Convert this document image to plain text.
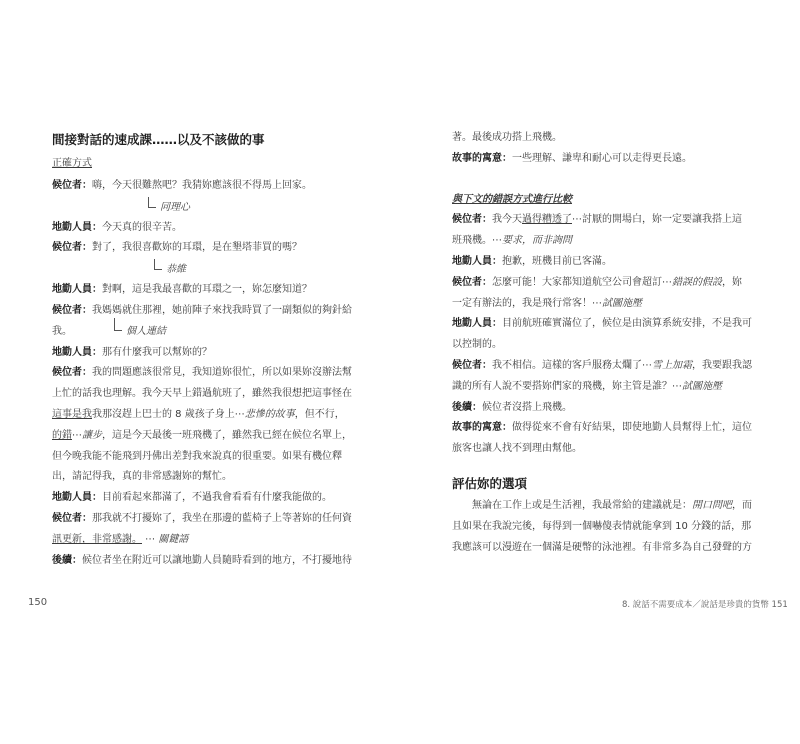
間接對話的速成課……以及不該做的事
正確方式
候位者：嗨，今天很難熬吧？我猜妳應該很不得馬上回家。
同理心
地勤人員：今天真的很辛苦。
候位者：對了，我很喜歡妳的耳環，是在墾塔菲買的嗎？
恭維
地勤人員：對啊，這是我最喜歡的耳環之一，妳怎麼知道？
候位者：我媽媽就住那裡，她前陣子來找我時買了一副類似的夠針給
我。	個人連結
地勤人員：那有什麼我可以幫妳的？
候位者：我的問題應該很常見，我知道妳很忙，所以如果妳沒辦法幫
上忙的話我也理解。我今天早上錯過航班了，雖然我很想把這事怪在
這事是我我那沒趕上巴士的 8 歲孩子身上⋯悲慘的故事，但不行，
的錯⋯讓步，這是今天最後一班飛機了，雖然我已經在候位名單上，
但今晚我能不能飛到丹佛出差對我來說真的很重要。如果有機位釋
出，請記得我，真的非常感謝妳的幫忙。
地勤人員：目前看起來都滿了，不過我會看看有什麼我能做的。
候位者：那我就不打擾妳了，我坐在那邊的藍椅子上等著妳的任何資
訊更新，非常感謝。 ⋯ 關鍵語
後續：候位者坐在附近可以讓地勤人員隨時看到的地方，不打擾地待
150
著。最後成功搭上飛機。
故事的寓意：一些理解、謙卑和耐心可以走得更長遠。
與下文的錯誤方式進行比較
候位者：我今天過得糟透了⋯討厭的開場白，妳一定要讓我搭上這
班飛機。⋯要求，而非詢問
地勤人員：抱歉，班機目前已客滿。
候位者：怎麼可能！大家都知道航空公司會超訂⋯錯誤的假設，妳
一定有辦法的，我是飛行常客！⋯試圖施壓
地勤人員：目前航班確實滿位了，候位是由演算系統安排，不是我可
以控制的。
候位者：我不相信。這樣的客戶服務太爛了⋯雪上加霜，我要跟我認
識的所有人說不要搭妳們家的飛機，妳主管是誰？⋯試圖施壓
後續：候位者沒搭上飛機。
故事的寓意：做得從來不會有好結果，即使地勤人員幫得上忙，這位
旅客也讓人找不到理由幫他。
評估妳的選項
　　無論在工作上或是生活裡，我最常給的建議就是：開口問吧，而
且如果在我說完後，每得到一個嚇傻表情就能拿到 10 分錢的話，那
我應該可以漫遊在一個滿是硬幣的泳池裡。有非常多為自己發聲的方
8. 說話不需要成本／說話是珍貴的貨幣 151
